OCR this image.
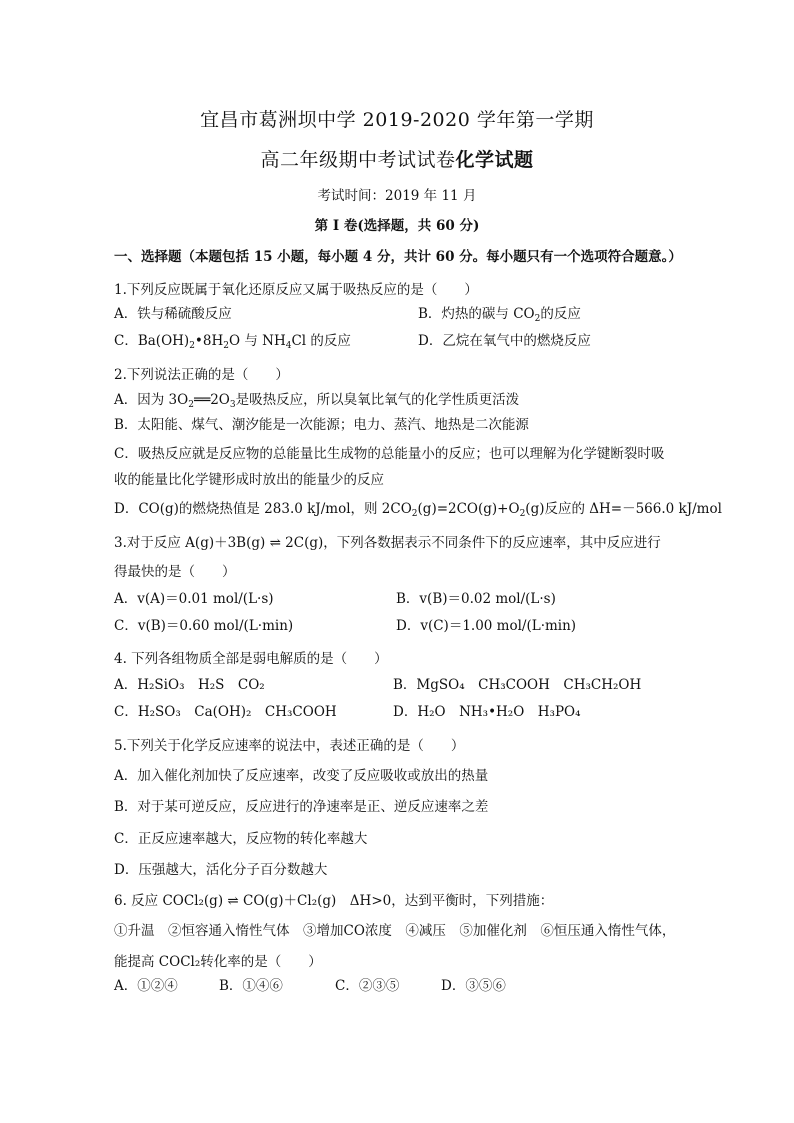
宜昌市葛洲坝中学 2019-2020 学年第一学期
高二年级期中考试试卷化学试题
考试时间：2019 年 11 月
第 I 卷(选择题，共 60 分)
一、选择题（本题包括 15 小题，每小题 4 分，共计 60 分。每小题只有一个选项符合题意。）
1.下列反应既属于氧化还原反应又属于吸热反应的是（　　）
A．铁与稀硫酸反应	B．灼热的碳与 $CO_2$的反应
C．$Ba(OH)_2•8H_2O$ 与 $NH_4Cl$ 的反应	D．乙烷在氧气中的燃烧反应
2.下列说法正确的是（　　）
A．因为 $3O_2══2O_3$是吸热反应，所以臭氧比氧气的化学性质更活泼
B．太阳能、煤气、潮汐能是一次能源；电力、蒸汽、地热是二次能源
C．吸热反应就是反应物的总能量比生成物的总能量小的反应；也可以理解为化学键断裂时吸
收的能量比化学键形成时放出的能量少的反应
D．CO(g)的燃烧热值是 283.0 kJ/mol，则 $2CO_2(g)=2CO(g)+O_2(g)$反应的 ΔH=－566.0 kJ/mol
3.对于反应 A(g)＋3B(g) ⇌ 2C(g)，下列各数据表示不同条件下的反应速率，其中反应进行
得最快的是（　　）
A．v(A)＝0.01 mol/(L·s)	B．v(B)＝0.02 mol/(L·s)
C．v(B)＝0.60 mol/(L·min)	D．v(C)＝1.00 mol/(L·min)
4. 下列各组物质全部是弱电解质的是（　　）
A．H₂SiO₃　H₂S　CO₂	B．MgSO₄　CH₃COOH　CH₃CH₂OH
C．H₂SO₃　Ca(OH)₂　CH₃COOH	D．H₂O　NH₃•H₂O　H₃PO₄
5.下列关于化学反应速率的说法中，表述正确的是（　　）
A．加入催化剂加快了反应速率，改变了反应吸收或放出的热量
B．对于某可逆反应，反应进行的净速率是正、逆反应速率之差
C．正反应速率越大，反应物的转化率越大
D．压强越大，活化分子百分数越大
6. 反应 COCl₂(g) ⇌ CO(g)＋Cl₂(g)　ΔH>0，达到平衡时，下列措施：
①升温　②恒容通入惰性气体　③增加CO浓度　④减压　⑤加催化剂　⑥恒压通入惰性气体，
能提高 COCl₂转化率的是（　　）
A．①②④	B．①④⑥	C．②③⑤	D．③⑤⑥
